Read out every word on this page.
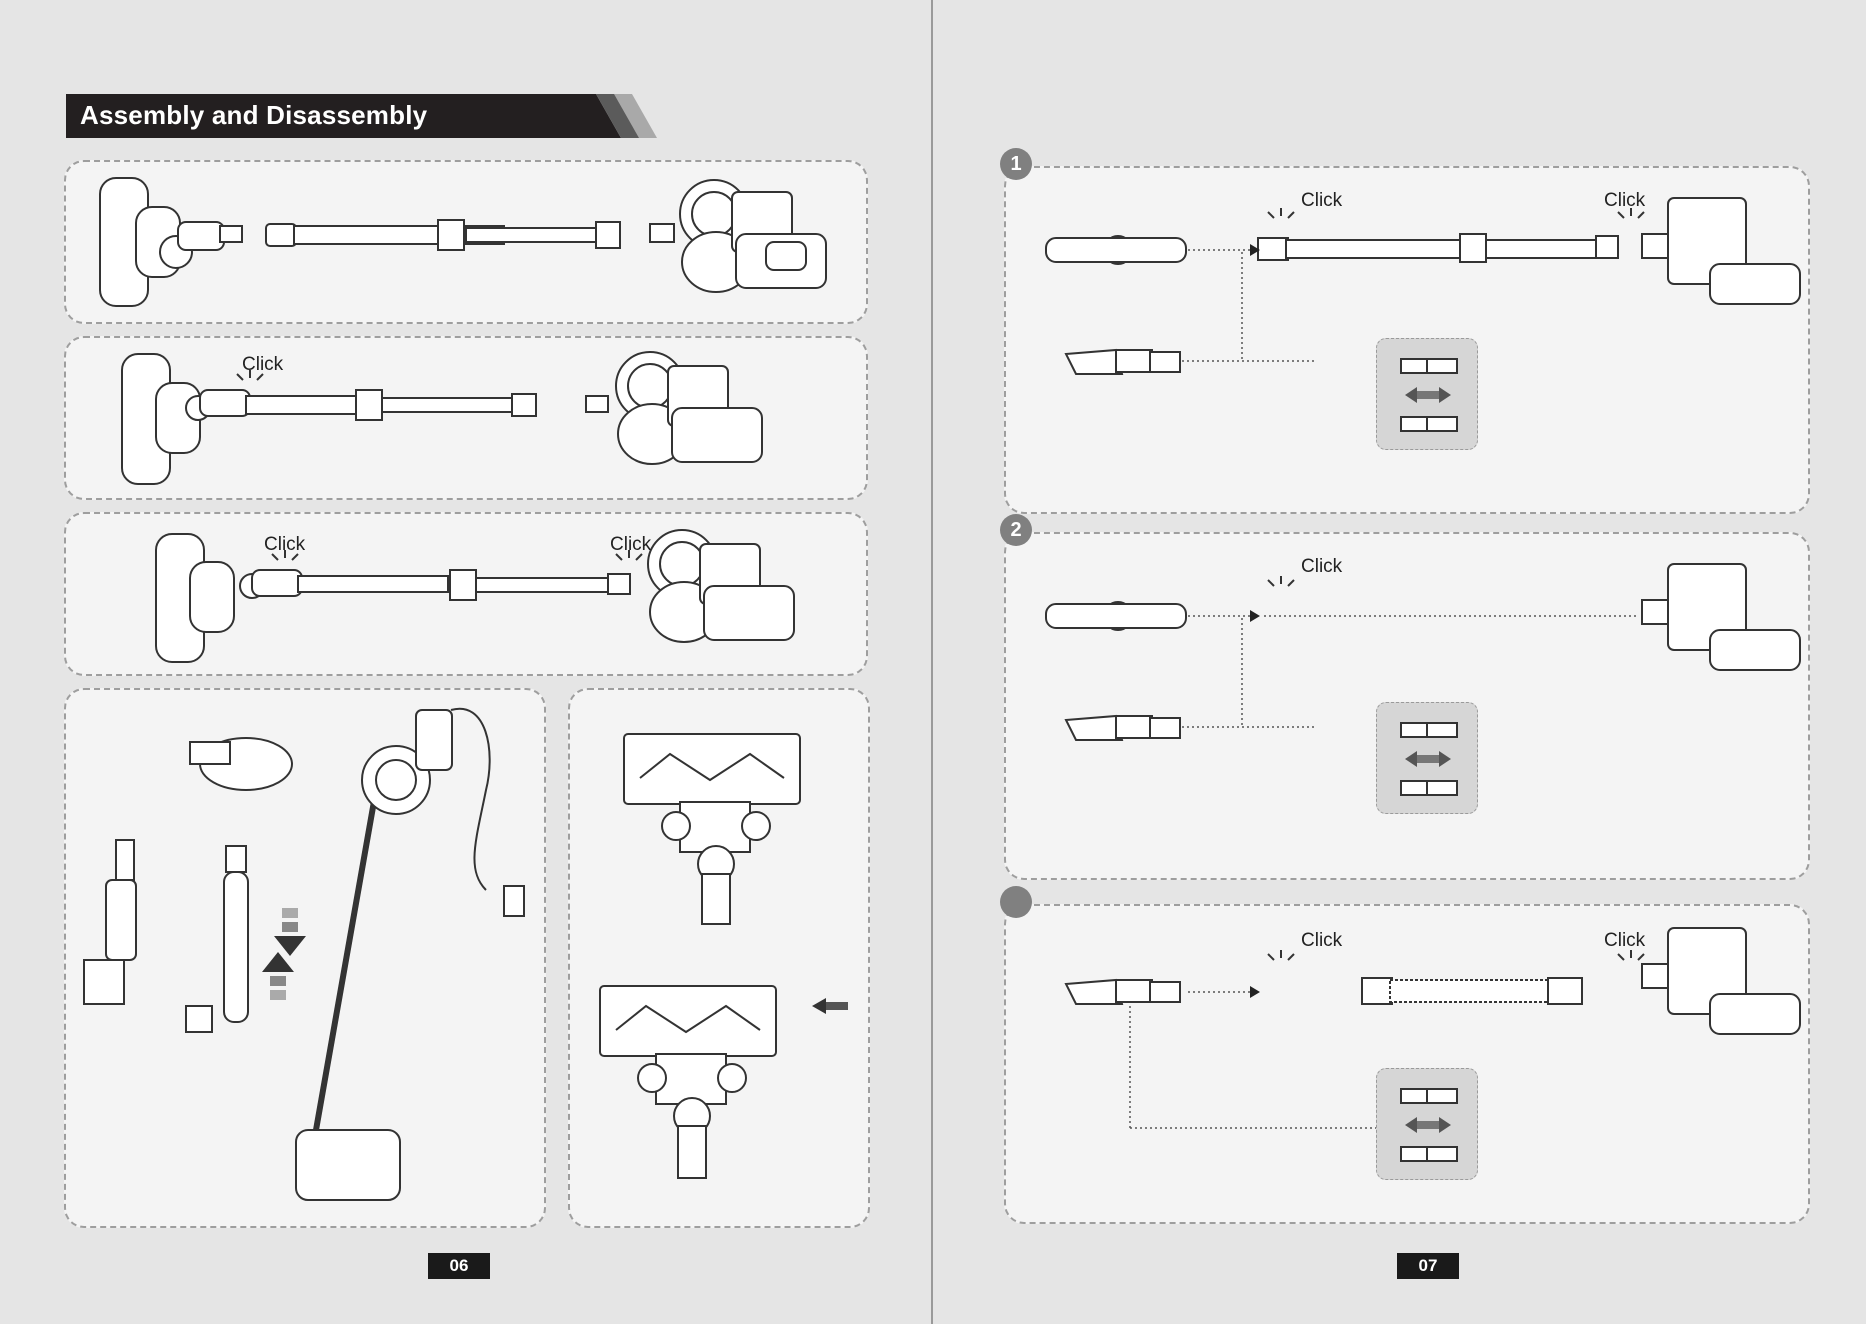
Assembly and Disassembly
Click
Click	Click
06
Click	Click
1
Click
2
Click	Click
07
